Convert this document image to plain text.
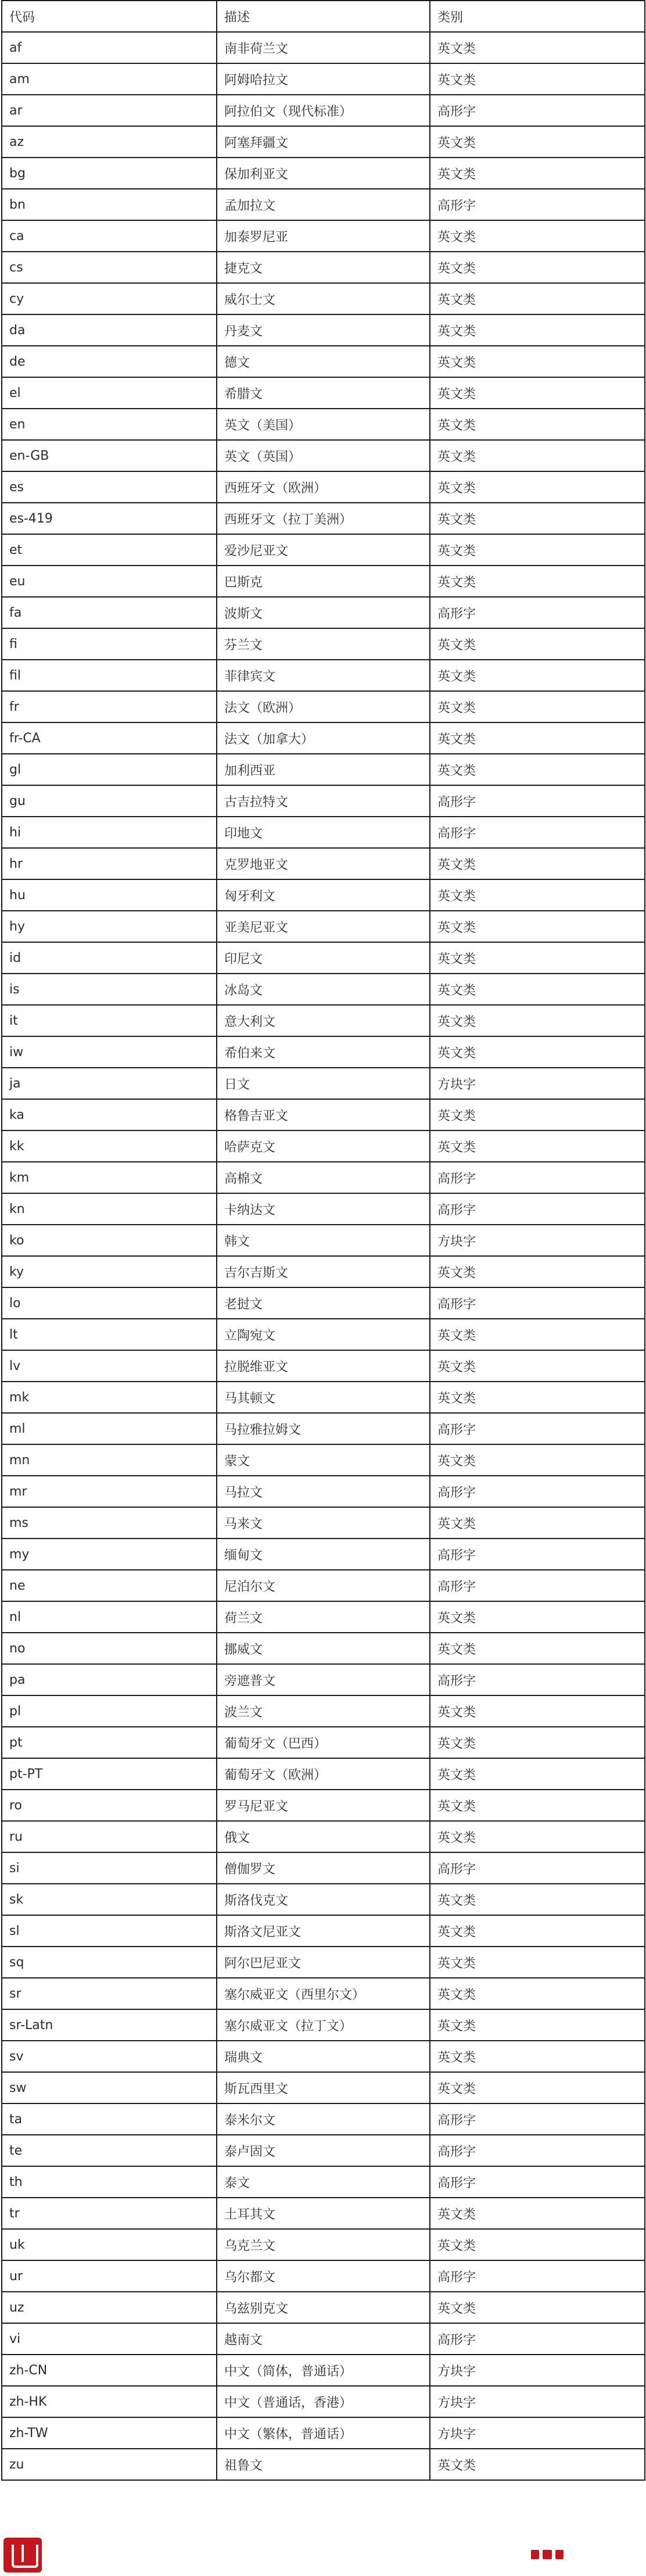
代码	描述	类别
af	南非荷兰文	英文类
am	阿姆哈拉文	英文类
ar	阿拉伯文（现代标准）	高形字
az	阿塞拜疆文	英文类
bg	保加利亚文	英文类
bn	孟加拉文	高形字
ca	加泰罗尼亚	英文类
cs	捷克文	英文类
cy	威尔士文	英文类
da	丹麦文	英文类
de	德文	英文类
el	希腊文	英文类
en	英文（美国）	英文类
en-GB	英文（英国）	英文类
es	西班牙文（欧洲）	英文类
es-419	西班牙文（拉丁美洲）	英文类
et	爱沙尼亚文	英文类
eu	巴斯克	英文类
fa	波斯文	高形字
fi	芬兰文	英文类
fil	菲律宾文	英文类
fr	法文（欧洲）	英文类
fr-CA	法文（加拿大）	英文类
gl	加利西亚	英文类
gu	古吉拉特文	高形字
hi	印地文	高形字
hr	克罗地亚文	英文类
hu	匈牙利文	英文类
hy	亚美尼亚文	英文类
id	印尼文	英文类
is	冰岛文	英文类
it	意大利文	英文类
iw	希伯来文	英文类
ja	日文	方块字
ka	格鲁吉亚文	英文类
kk	哈萨克文	英文类
km	高棉文	高形字
kn	卡纳达文	高形字
ko	韩文	方块字
ky	吉尔吉斯文	英文类
lo	老挝文	高形字
lt	立陶宛文	英文类
lv	拉脱维亚文	英文类
mk	马其顿文	英文类
ml	马拉雅拉姆文	高形字
mn	蒙文	英文类
mr	马拉文	高形字
ms	马来文	英文类
my	缅甸文	高形字
ne	尼泊尔文	高形字
nl	荷兰文	英文类
no	挪威文	英文类
pa	旁遮普文	高形字
pl	波兰文	英文类
pt	葡萄牙文（巴西）	英文类
pt-PT	葡萄牙文（欧洲）	英文类
ro	罗马尼亚文	英文类
ru	俄文	英文类
si	僧伽罗文	高形字
sk	斯洛伐克文	英文类
sl	斯洛文尼亚文	英文类
sq	阿尔巴尼亚文	英文类
sr	塞尔威亚文（西里尔文）	英文类
sr-Latn	塞尔威亚文（拉丁文）	英文类
sv	瑞典文	英文类
sw	斯瓦西里文	英文类
ta	泰米尔文	高形字
te	泰卢固文	高形字
th	泰文	高形字
tr	土耳其文	英文类
uk	乌克兰文	英文类
ur	乌尔都文	高形字
uz	乌兹别克文	英文类
vi	越南文	高形字
zh-CN	中文（简体，普通话）	方块字
zh-HK	中文（普通话，香港）	方块字
zh-TW	中文（繁体，普通话）	方块字
zu	祖鲁文	英文类
